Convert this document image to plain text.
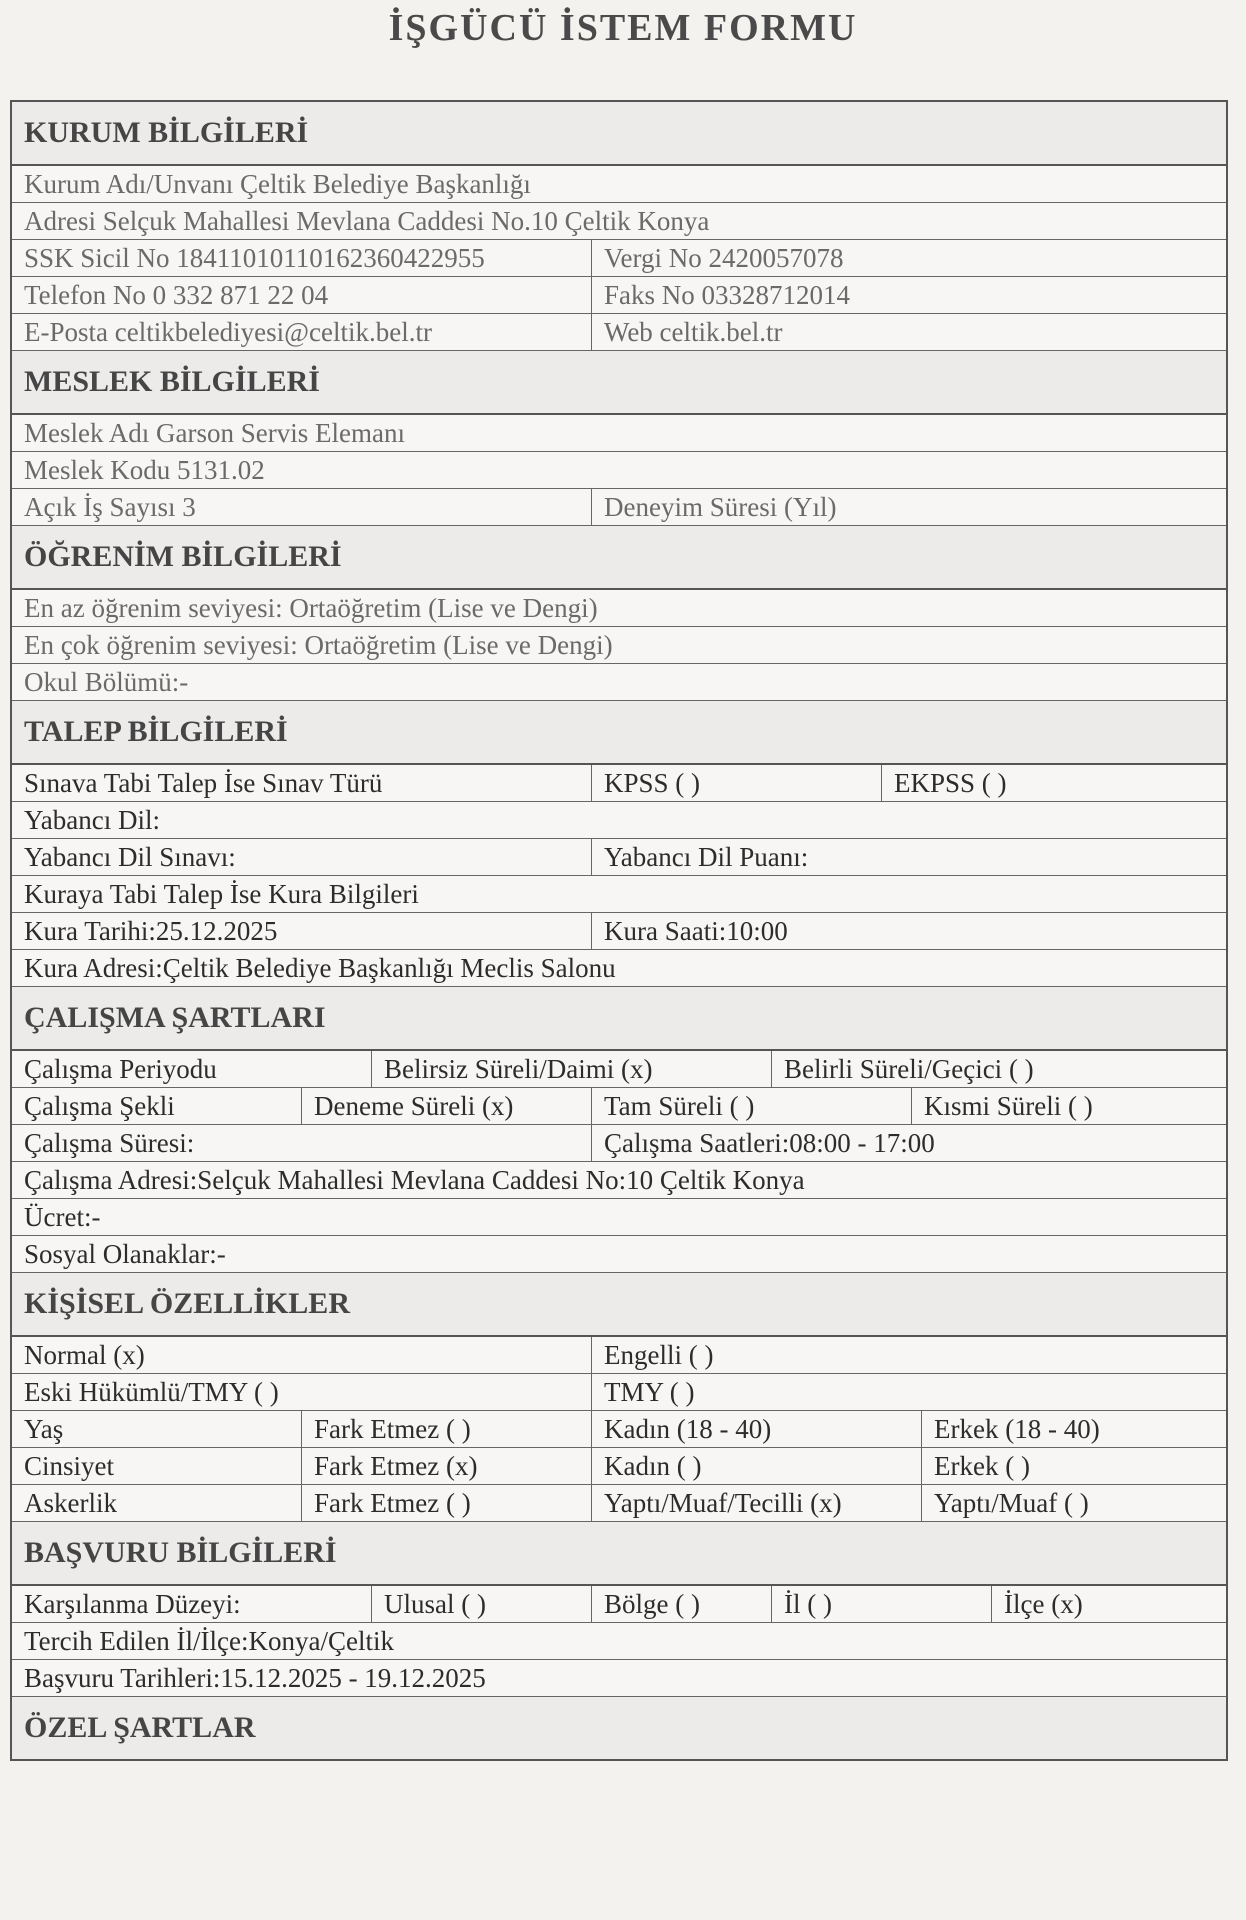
İŞGÜCÜ İSTEM FORMU
KURUM BİLGİLERİ
Kurum Adı/Unvanı Çeltik Belediye Başkanlığı
Adresi Selçuk Mahallesi Mevlana Caddesi No.10 Çeltik Konya
SSK Sicil No 18411010110162360422955	Vergi No 2420057078
Telefon No 0 332 871 22 04	Faks No 03328712014
E-Posta celtikbelediyesi@celtik.bel.tr	Web celtik.bel.tr
MESLEK BİLGİLERİ
Meslek Adı Garson Servis Elemanı
Meslek Kodu 5131.02
Açık İş Sayısı 3	Deneyim Süresi (Yıl)
ÖĞRENİM BİLGİLERİ
En az öğrenim seviyesi: Ortaöğretim (Lise ve Dengi)
En çok öğrenim seviyesi: Ortaöğretim (Lise ve Dengi)
Okul Bölümü:-
TALEP BİLGİLERİ
Sınava Tabi Talep İse Sınav Türü	KPSS ( )	EKPSS ( )
Yabancı Dil:
Yabancı Dil Sınavı:	Yabancı Dil Puanı:
Kuraya Tabi Talep İse Kura Bilgileri
Kura Tarihi:25.12.2025	Kura Saati:10:00
Kura Adresi:Çeltik Belediye Başkanlığı Meclis Salonu
ÇALIŞMA ŞARTLARI
Çalışma Periyodu	Belirsiz Süreli/Daimi (x)	Belirli Süreli/Geçici ( )
Çalışma Şekli	Deneme Süreli (x)	Tam Süreli ( )	Kısmi Süreli ( )
Çalışma Süresi:	Çalışma Saatleri:08:00 - 17:00
Çalışma Adresi:Selçuk Mahallesi Mevlana Caddesi No:10 Çeltik Konya
Ücret:-
Sosyal Olanaklar:-
KİŞİSEL ÖZELLİKLER
Normal (x)	Engelli ( )
Eski Hükümlü/TMY ( )	TMY ( )
Yaş	Fark Etmez ( )	Kadın (18 - 40)	Erkek (18 - 40)
Cinsiyet	Fark Etmez (x)	Kadın ( )	Erkek ( )
Askerlik	Fark Etmez ( )	Yaptı/Muaf/Tecilli (x)	Yaptı/Muaf ( )
BAŞVURU BİLGİLERİ
Karşılanma Düzeyi:	Ulusal ( )	Bölge ( )	İl ( )	İlçe (x)
Tercih Edilen İl/İlçe:Konya/Çeltik
Başvuru Tarihleri:15.12.2025 - 19.12.2025
ÖZEL ŞARTLAR
